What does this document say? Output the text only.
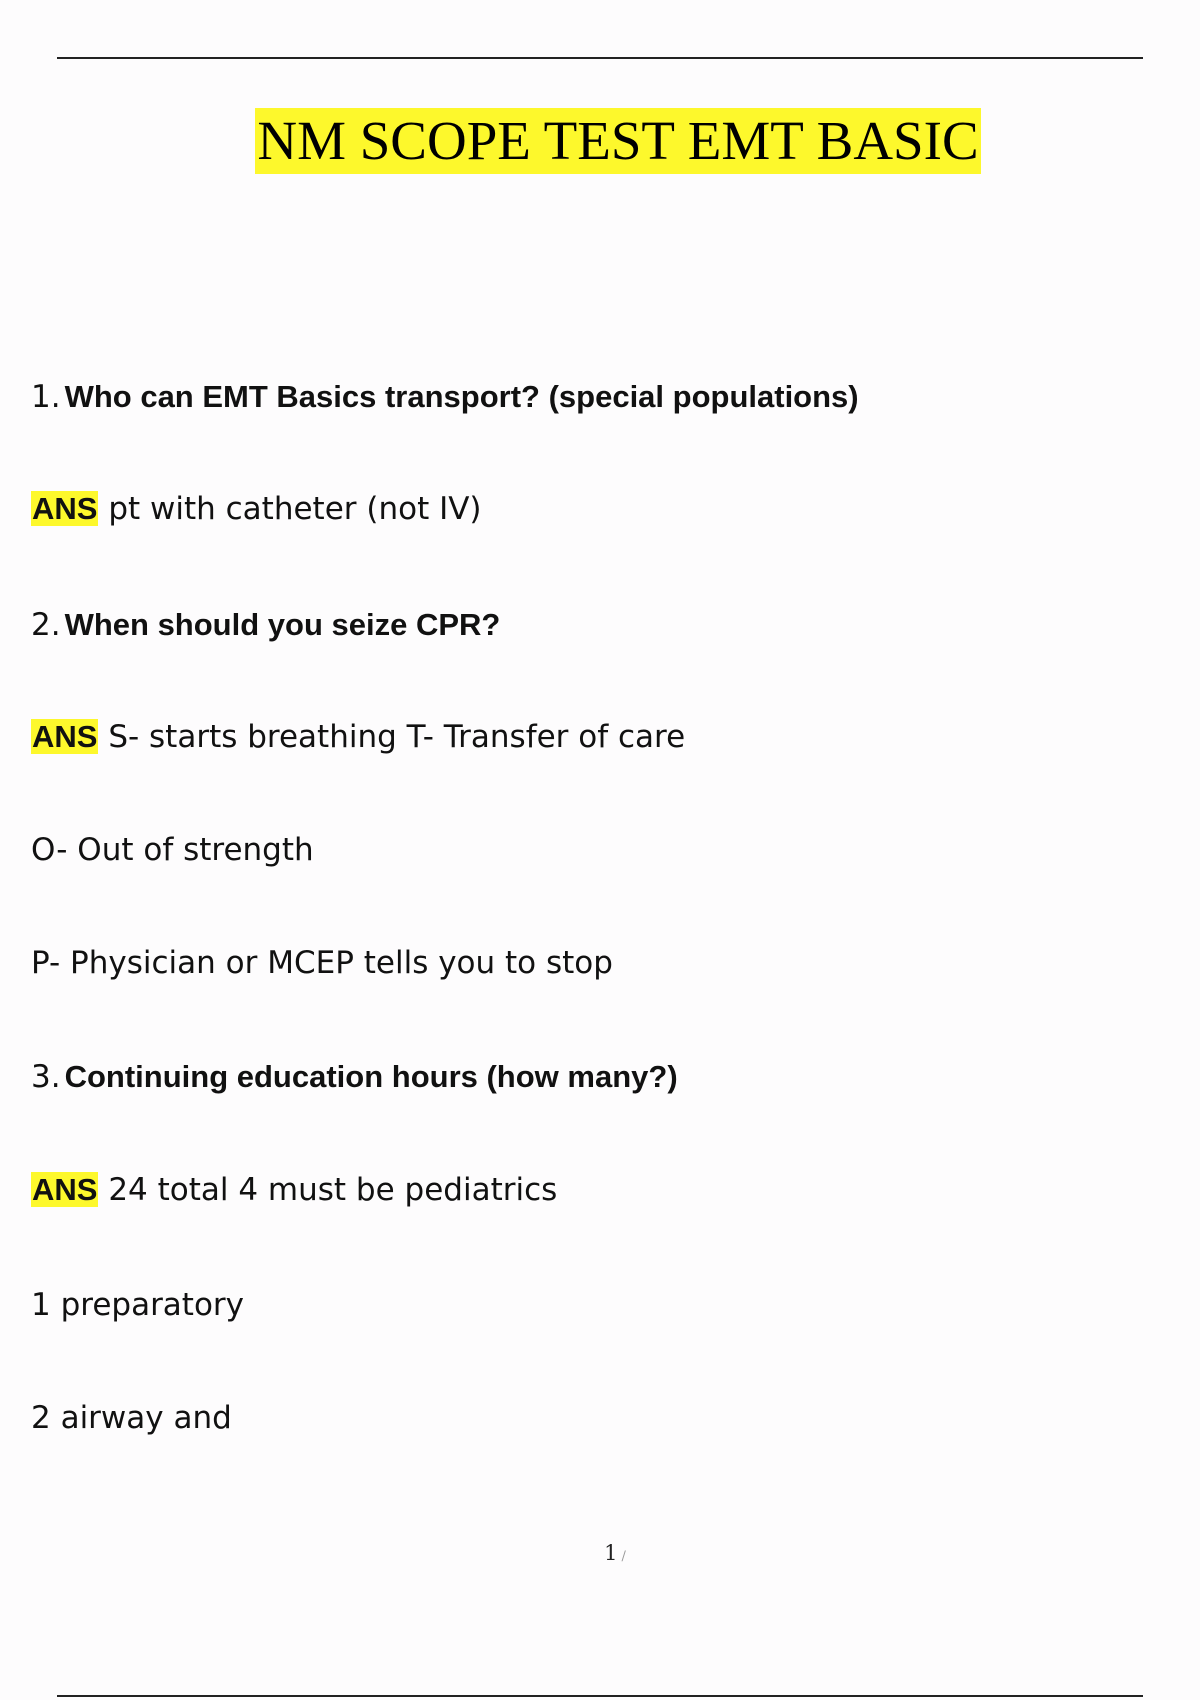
NM SCOPE TEST EMT BASIC
1. Who can EMT Basics transport? (special populations)
ANS pt with catheter (not IV)
2. When should you seize CPR?
ANS S- starts breathing T- Transfer of care
O- Out of strength
P- Physician or MCEP tells you to stop
3. Continuing education hours (how many?)
ANS 24 total 4 must be pediatrics
1 preparatory
2 airway and
1 /
